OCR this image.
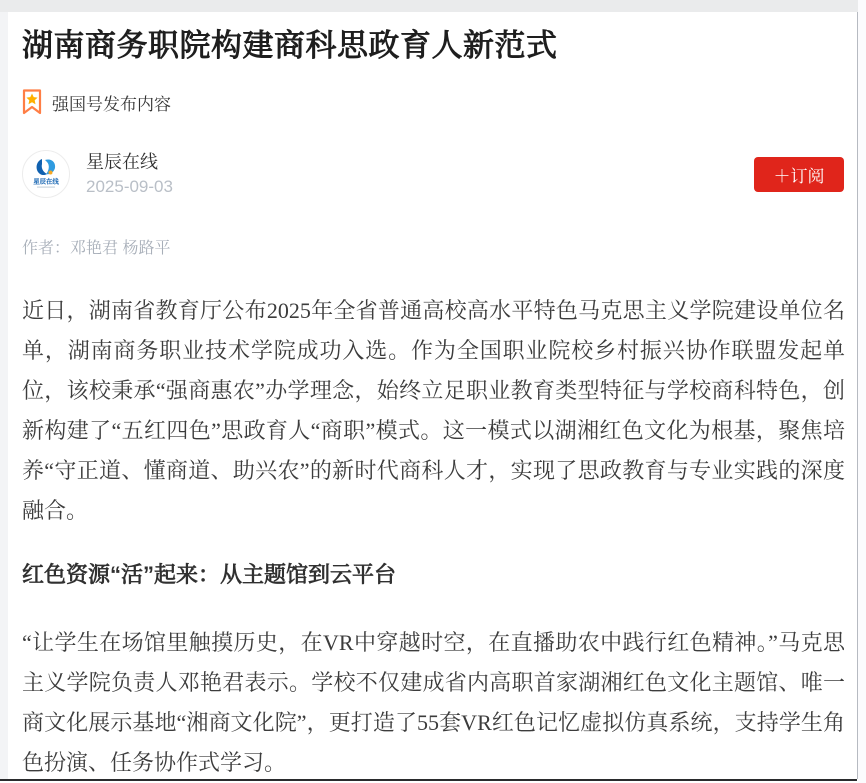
湖南商务职院构建商科思政育人新范式
强国号发布内容
星辰在线
星辰在线
2025-09-03
＋订阅
作者：邓艳君 杨路平

近日，湖南省教育厅公布2025年全省普通高校高水平特色马克思主义学院建设单位名单，湖南商务职业技术学院成功入选。作为全国职业院校乡村振兴协作联盟发起单位，该校秉承“强商惠农”办学理念，始终立足职业教育类型特征与学校商科特色，创新构建了“五红四色”思政育人“商职”模式。这一模式以湖湘红色文化为根基，聚焦培养“守正道、懂商道、助兴农”的新时代商科人才，实现了思政教育与专业实践的深度融合。

红色资源“活”起来：从主题馆到云平台

“让学生在场馆里触摸历史，在VR中穿越时空，在直播助农中践行红色精神。”马克思主义学院负责人邓艳君表示。学校不仅建成省内高职首家湖湘红色文化主题馆、唯一商文化展示基地“湘商文化院”，更打造了55套VR红色记忆虚拟仿真系统，支持学生角色扮演、任务协作式学习。
